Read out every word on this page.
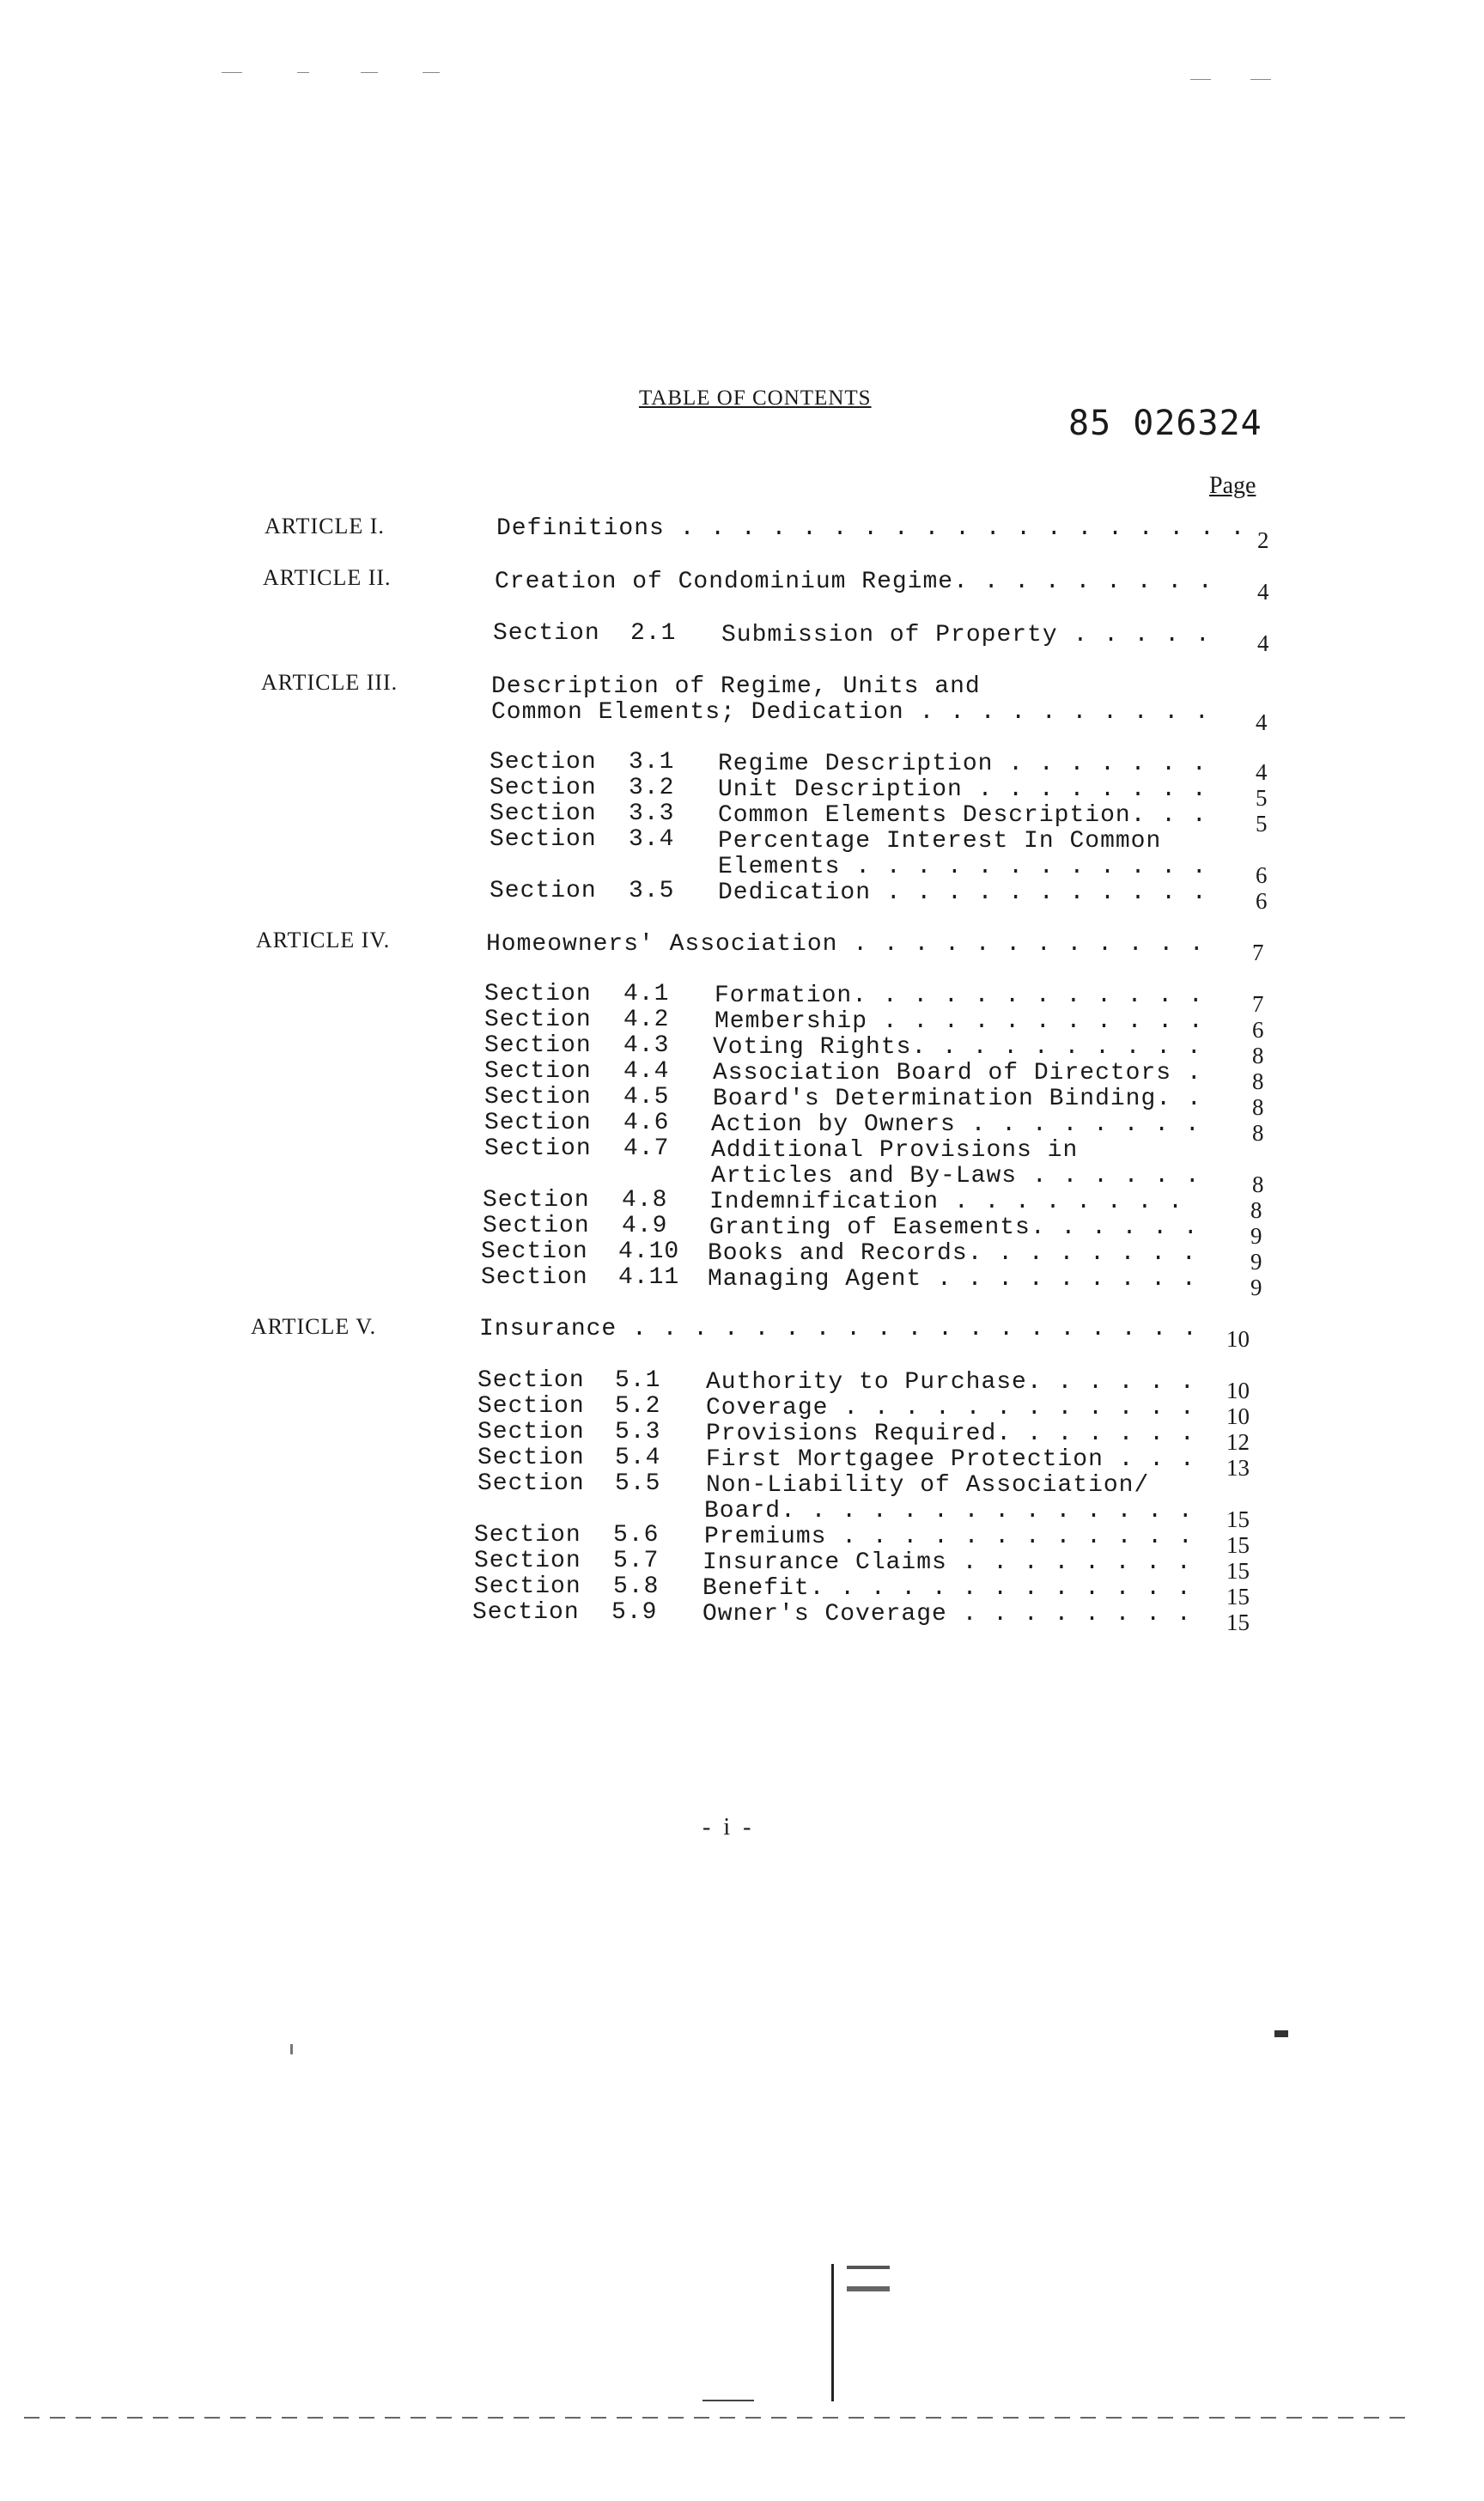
TABLE OF CONTENTS
85 026324
Page
ARTICLE I.	Definitions . . . . . . . . . . . . . . . . . . . 2
ARTICLE II.	Creation of Condominium Regime. . . . . . . . . 4
Section 2.1 Submission of Property . . . . . 4
ARTICLE III.	Description of Regime, Units and
Common Elements; Dedication . . . . . . . . . . 4
Section 3.1 Regime Description . . . . . . . 4
Section 3.2 Unit Description . . . . . . . . 5
Section 3.3 Common Elements Description. . . 5
Section 3.4 Percentage Interest In Common
Elements . . . . . . . . . . . . 6
Section 3.5 Dedication . . . . . . . . . . . 6
ARTICLE IV.	Homeowners' Association . . . . . . . . . . . . 7
Section 4.1 Formation. . . . . . . . . . . . 7
Section 4.2 Membership . . . . . . . . . . . 6
Section 4.3 Voting Rights. . . . . . . . . . 8
Section 4.4 Association Board of Directors . 8
Section 4.5 Board's Determination Binding. . 8
Section 4.6 Action by Owners . . . . . . . . 8
Section 4.7 Additional Provisions in
Articles and By-Laws . . . . . . 8
Section 4.8 Indemnification . . . . . . . .	8
Section 4.9 Granting of Easements. . . . . . 9
Section 4.10 Books and Records. . . . . . . . 9
Section 4.11 Managing Agent . . . . . . . . . 9
ARTICLE V.	Insurance . . . . . . . . . . . . . . . . . . . 10
Section 5.1 Authority to Purchase. . . . . . 10
Section 5.2 Coverage . . . . . . . . . . . . 10
Section 5.3 Provisions Required. . . . . . . 12
Section 5.4 First Mortgagee Protection . . . 13
Section 5.5 Non-Liability of Association/
Board. . . . . . . . . . . . . . 15
Section 5.6 Premiums . . . . . . . . . . . . 15
Section 5.7 Insurance Claims . . . . . . . . 15
Section 5.8 Benefit. . . . . . . . . . . . . 15
Section 5.9 Owner's Coverage . . . . . . . . 15
- i -
